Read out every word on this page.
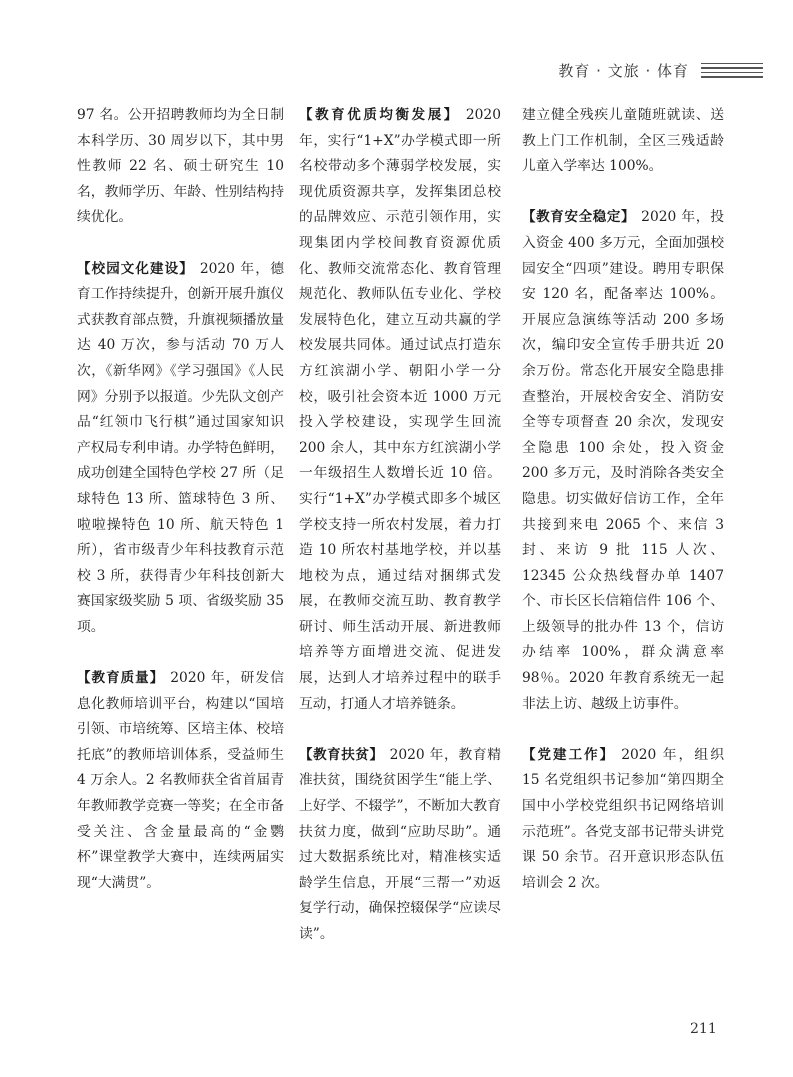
教育 · 文旅 · 体育

97 名。公开招聘教师均为全日制本科学历、30 周岁以下，其中男性教师 22 名、硕士研究生 10 名，教师学历、年龄、性别结构持续优化。

【校园文化建设】 2020 年，德育工作持续提升，创新开展升旗仪式获教育部点赞，升旗视频播放量达 40 万次，参与活动 70 万人次，《新华网》《学习强国》《人民网》分别予以报道。少先队文创产品“红领巾飞行棋”通过国家知识产权局专利申请。办学特色鲜明，成功创建全国特色学校 27 所（足球特色 13 所、篮球特色 3 所、啦啦操特色 10 所、航天特色 1 所），省市级青少年科技教育示范校 3 所，获得青少年科技创新大赛国家级奖励 5 项、省级奖励 35 项。

【教育质量】 2020 年，研发信息化教师培训平台，构建以“国培引领、市培统筹、区培主体、校培托底”的教师培训体系，受益师生 4 万余人。2 名教师获全省首届青年教师教学竞赛一等奖；在全市备受关注、含金量最高的“金鹦杯”课堂教学大赛中，连续两届实现“大满贯”。

【教育优质均衡发展】 2020 年，实行“1+X”办学模式即一所名校带动多个薄弱学校发展，实现优质资源共享，发挥集团总校的品牌效应、示范引领作用，实现集团内学校间教育资源优质化、教师交流常态化、教育管理规范化、教师队伍专业化、学校发展特色化，建立互动共赢的学校发展共同体。通过试点打造东方红滨湖小学、朝阳小学一分校，吸引社会资本近 1000 万元投入学校建设，实现学生回流 200 余人，其中东方红滨湖小学一年级招生人数增长近 10 倍。实行“1+X”办学模式即多个城区学校支持一所农村发展，着力打造 10 所农村基地学校，并以基地校为点，通过结对捆绑式发展，在教师交流互助、教育教学研讨、师生活动开展、新进教师培养等方面增进交流、促进发展，达到人才培养过程中的联手互动，打通人才培养链条。

【教育扶贫】 2020 年，教育精准扶贫，围绕贫困学生“能上学、上好学、不辍学”，不断加大教育扶贫力度，做到“应助尽助”。通过大数据系统比对，精准核实适龄学生信息，开展“三帮一”劝返复学行动，确保控辍保学“应读尽读”。

建立健全残疾儿童随班就读、送教上门工作机制，全区三残适龄儿童入学率达 100%。

【教育安全稳定】 2020 年，投入资金 400 多万元，全面加强校园安全“四项”建设。聘用专职保安 120 名，配备率达 100%。开展应急演练等活动 200 多场次，编印安全宣传手册共近 20 余万份。常态化开展安全隐患排查整治，开展校舍安全、消防安全等专项督查 20 余次，发现安全隐患 100 余处，投入资金 200 多万元，及时消除各类安全隐患。切实做好信访工作，全年共接到来电 2065 个、来信 3 封、来访 9 批 115 人次、12345 公众热线督办单 1407 个、市长区长信箱信件 106 个、上级领导的批办件 13 个，信访办结率 100%，群众满意率 98％。2020 年教育系统无一起非法上访、越级上访事件。

【党建工作】 2020 年，组织 15 名党组织书记参加“第四期全国中小学校党组织书记网络培训示范班”。各党支部书记带头讲党课 50 余节。召开意识形态队伍培训会 2 次。

211
